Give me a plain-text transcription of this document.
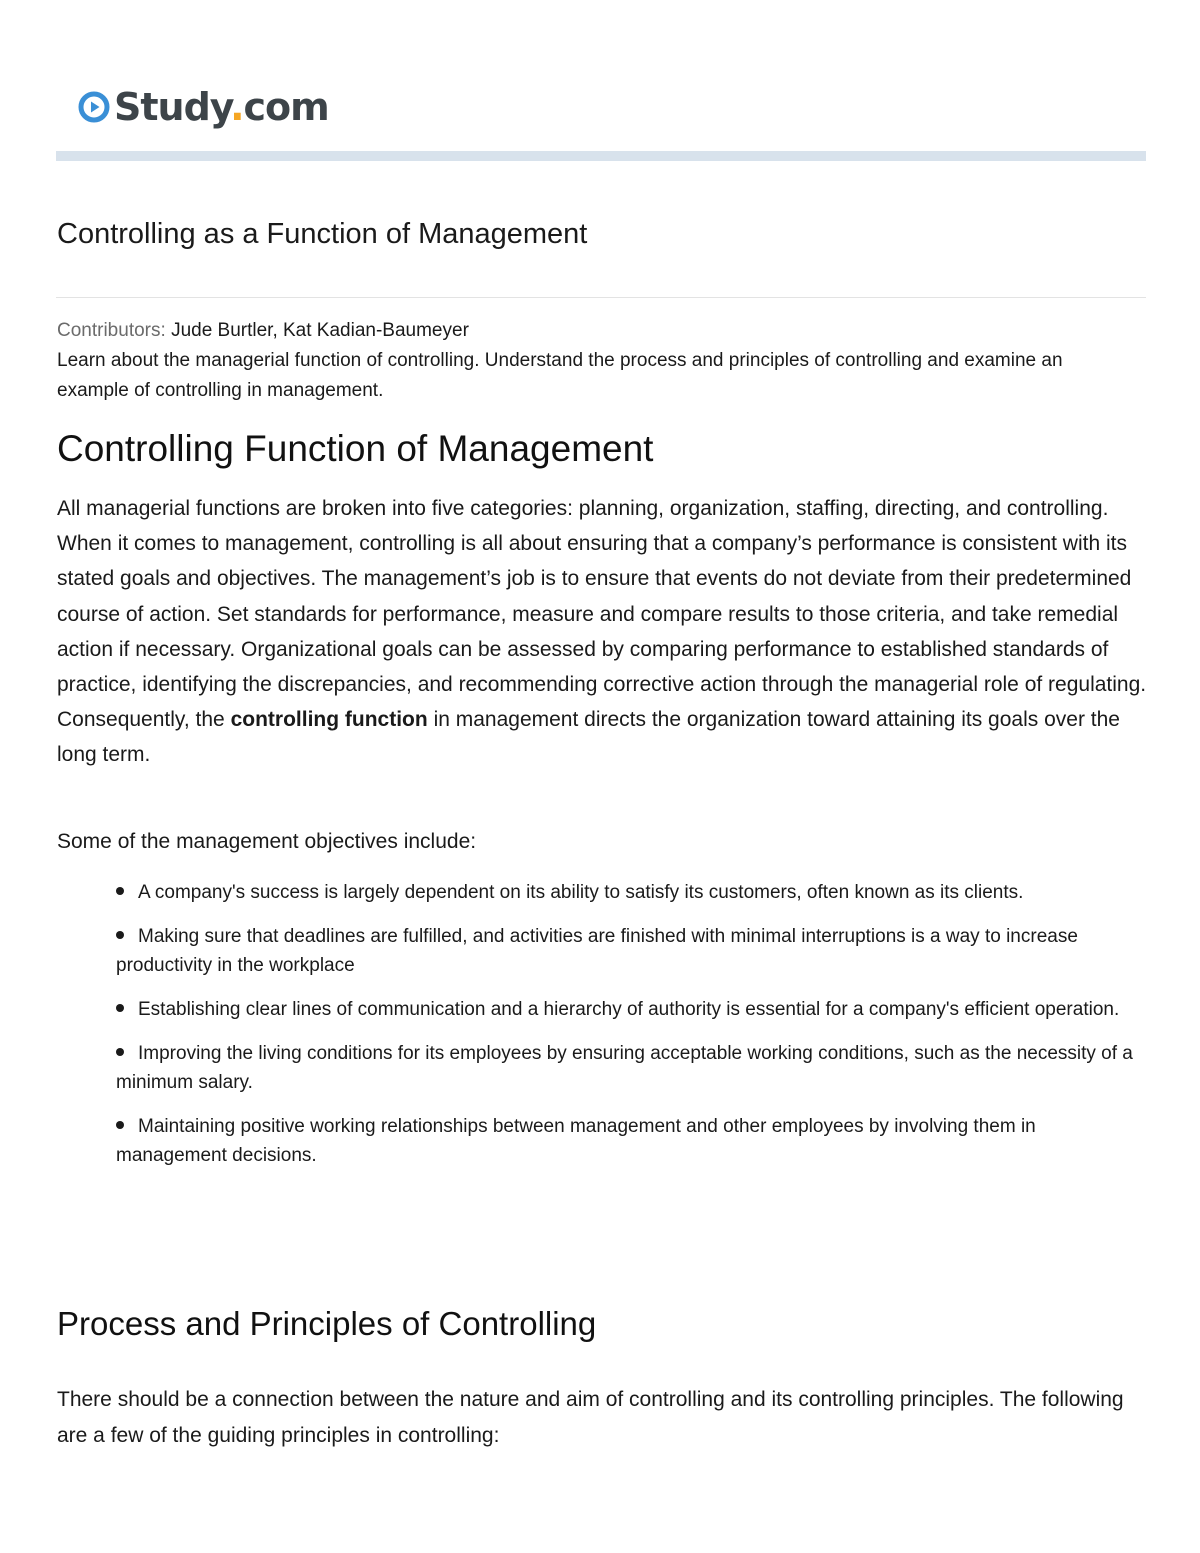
Study.com
Controlling as a Function of Management
Contributors: Jude Burtler, Kat Kadian-Baumeyer

Learn about the managerial function of controlling. Understand the process and principles of controlling and examine an example of controlling in management.

Controlling Function of Management

All managerial functions are broken into five categories: planning, organization, staffing, directing, and controlling. When it comes to management, controlling is all about ensuring that a company’s performance is consistent with its stated goals and objectives. The management’s job is to ensure that events do not deviate from their predetermined course of action. Set standards for performance, measure and compare results to those criteria, and take remedial action if necessary. Organizational goals can be assessed by comparing performance to established standards of practice, identifying the discrepancies, and recommending corrective action through the managerial role of regulating. Consequently, the controlling function in management directs the organization toward attaining its goals over the long term.

Some of the management objectives include:

A company's success is largely dependent on its ability to satisfy its customers, often known as its clients.
Making sure that deadlines are fulfilled, and activities are finished with minimal interruptions is a way to increase productivity in the workplace
Establishing clear lines of communication and a hierarchy of authority is essential for a company's efficient operation.
Improving the living conditions for its employees by ensuring acceptable working conditions, such as the necessity of a minimum salary.
Maintaining positive working relationships between management and other employees by involving them in management decisions.
Process and Principles of Controlling

There should be a connection between the nature and aim of controlling and its controlling principles. The following are a few of the guiding principles in controlling:
